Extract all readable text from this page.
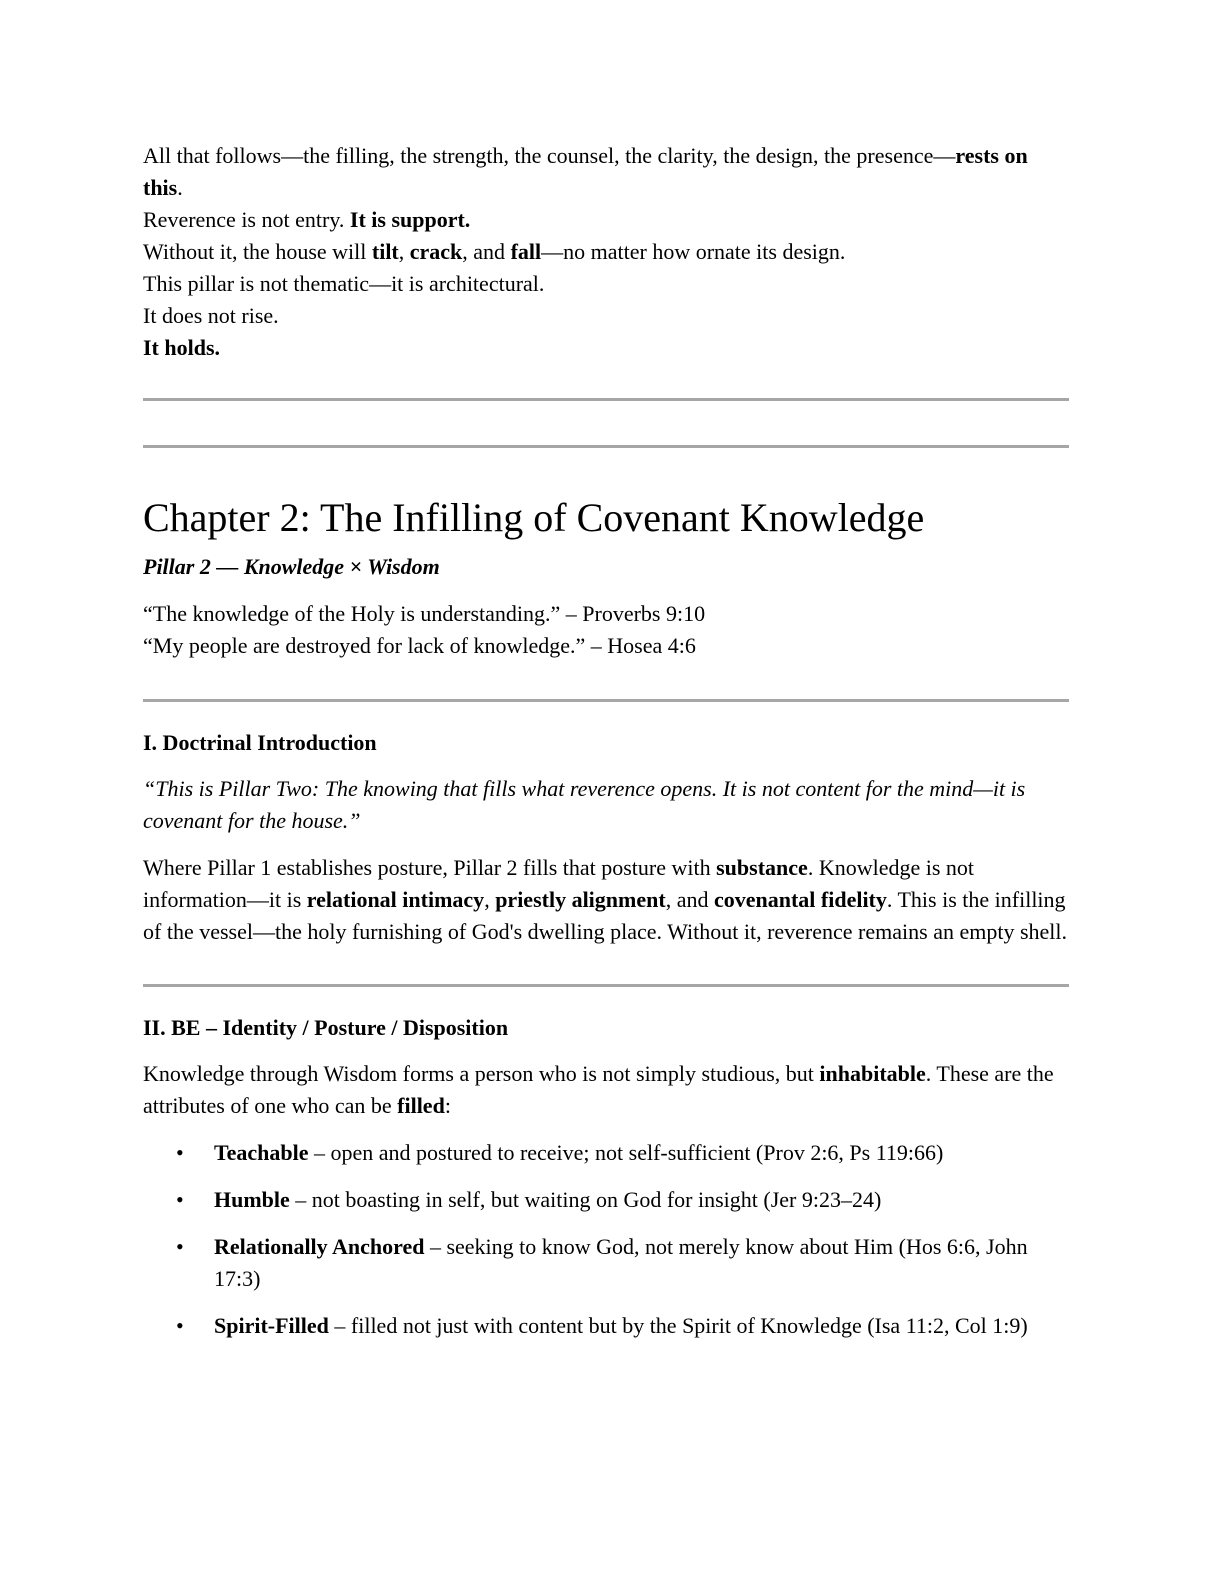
All that follows—the filling, the strength, the counsel, the clarity, the design, the presence—rests on this.

Reverence is not entry. It is support.

Without it, the house will tilt, crack, and fall—no matter how ornate its design.

This pillar is not thematic—it is architectural.

It does not rise.

It holds.

Chapter 2: The Infilling of Covenant Knowledge

Pillar 2 — Knowledge × Wisdom

“The knowledge of the Holy is understanding.” – Proverbs 9:10

“My people are destroyed for lack of knowledge.” – Hosea 4:6

I. Doctrinal Introduction

“This is Pillar Two: The knowing that fills what reverence opens. It is not content for the mind—it is covenant for the house.”

Where Pillar 1 establishes posture, Pillar 2 fills that posture with substance. Knowledge is not information—it is relational intimacy, priestly alignment, and covenantal fidelity. This is the infilling of the vessel—the holy furnishing of God's dwelling place. Without it, reverence remains an empty shell.

II. BE – Identity / Posture / Disposition

Knowledge through Wisdom forms a person who is not simply studious, but inhabitable. These are the attributes of one who can be filled:

• Teachable – open and postured to receive; not self-sufficient (Prov 2:6, Ps 119:66)
• Humble – not boasting in self, but waiting on God for insight (Jer 9:23–24)
• Relationally Anchored – seeking to know God, not merely know about Him (Hos 6:6, John 17:3)
• Spirit-Filled – filled not just with content but by the Spirit of Knowledge (Isa 11:2, Col 1:9)
